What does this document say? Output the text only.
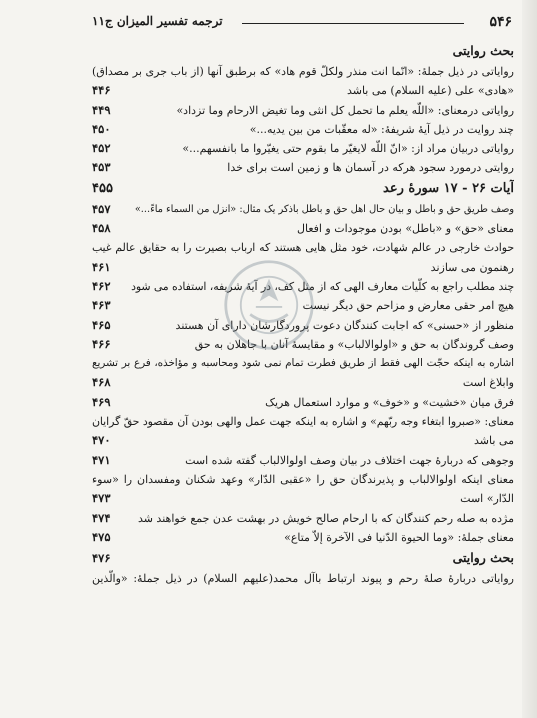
۵۴۶
ترجمه تفسیر المیزان ج۱۱
بحث روایتی
روایاتی در ذیل جملهٔ: «انّما انت منذر ولکلّ قوم هاد» که برطبق آنها (از باب جری بر مصداق)
«هادی» علی (علیه السلام) می باشد
۴۴۶
روایاتی درمعنای: «اللّه یعلم ما تحمل کل انثی وما تغیض الارحام وما تزداد»
۴۴۹
چند روایت در ذیل آیهٔ شریفهٔ: «له معقّبات من بین یدیه...»
۴۵۰
روایاتی دربیان مراد از: «انّ اللّه لایغیّر ما بقوم حتی یغیّروا ما بانفسهم...»
۴۵۲
روایتی درمورد سجود هرکه در آسمان ها و زمین است برای خدا
۴۵۳
آیات ۲۶ - ۱۷ سورهٔ رعد
۴۵۵
وصف طریق حق و باطل و بیان حال اهل حق و باطل باذکر یک مثال: «انزل من السماء ماءً...»
۴۵۷
معنای «حق» و «باطل» بودن موجودات و افعال
۴۵۸
حوادث خارجی در عالم شهادت، خود مثل هایی هستند که ارباب بصیرت را به حقایق عالم غیب
رهنمون می سازند
۴۶۱
چند مطلب راجع به کلّیات معارف الهی که از مثل کف، در آیهٔ شریفه، استفاده می شود
۴۶۲
هیچ امر حقی معارض و مزاحم حق دیگر نیست
۴۶۳
منظور از «حسنی» که اجابت کنندگان دعوت پروردگارشان دارای آن هستند
۴۶۵
وصف گروندگان به حق و «اولوالالباب» و مقایسهٔ آنان با جاهلان به حق
۴۶۶
اشاره به اینکه حجّت الهی فقط از طریق فطرت تمام نمی شود ومحاسبه و مؤاخذه، فرع بر تشریع
وابلاغ است
۴۶۸
فرق میان «خشیت» و «خوف» و موارد استعمال هریک
۴۶۹
معنای: «صبروا ابتغاء وجه ربّهم» و اشاره به اینکه جهت عمل والهی بودن آن مقصود حقّ گرایان
می باشد
۴۷۰
وجوهی که دربارهٔ جهت اختلاف در بیان وصف اولوالالباب گفته شده است
۴۷۱
معنای اینکه اولوالالباب و پذیرندگان حق را «عقبی الدّار» وعهد شکنان ومفسدان را «سوء
الدّار» است
۴۷۳
مژده به صله رحم کنندگان که با ارحام صالح خویش در بهشت عدن جمع خواهند شد
۴۷۴
معنای جملهٔ: «وما الحیوة الدّنیا فی الآخرة إلاّ متاع»
۴۷۵
بحث روایتی
۴۷۶
روایاتی دربارهٔ صلهٔ رحم و پیوند ارتباط باآل محمد(علیهم السلام) در ذیل جملهٔ: «والّذین
